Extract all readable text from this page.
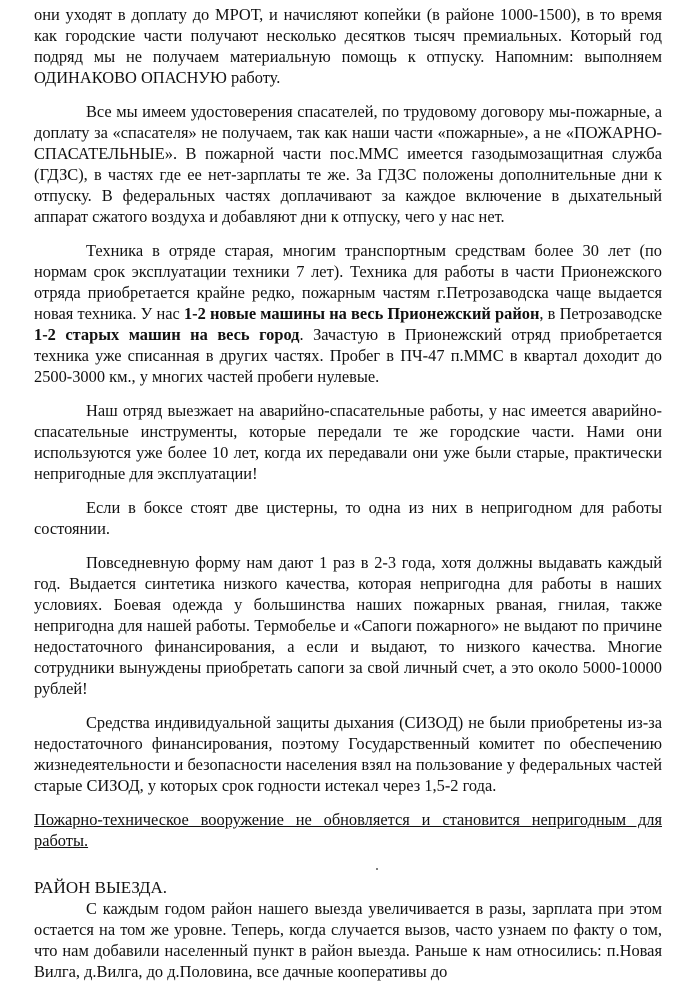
они уходят в доплату до МРОТ, и начисляют копейки (в районе 1000-1500), в то время как городские части получают несколько десятков тысяч премиальных. Который год подряд мы не получаем материальную помощь к отпуску. Напомним: выполняем ОДИНАКОВО ОПАСНУЮ работу.

Все мы имеем удостоверения спасателей, по трудовому договору мы-пожарные, а доплату за «спасателя» не получаем, так как наши части «пожарные», а не «ПОЖАРНО-СПАСАТЕЛЬНЫЕ». В пожарной части пос.ММС имеется газодымозащитная служба (ГДЗС), в частях где ее нет-зарплаты те же. За ГДЗС положены дополнительные дни к отпуску. В федеральных частях доплачивают за каждое включение в дыхательный аппарат сжатого воздуха и добавляют дни к отпуску, чего у нас нет.

Техника в отряде старая, многим транспортным средствам более 30 лет (по нормам срок эксплуатации техники 7 лет). Техника для работы в части Прионежского отряда приобретается крайне редко, пожарным частям г.Петрозаводска чаще выдается новая техника. У нас 1-2 новые машины на весь Прионежский район, в Петрозаводске 1-2 старых машин на весь город. Зачастую в Прионежский отряд приобретается техника уже списанная в других частях. Пробег в ПЧ-47 п.ММС в квартал доходит до 2500-3000 км., у многих частей пробеги нулевые.

Наш отряд выезжает на аварийно-спасательные работы, у нас имеется аварийно-спасательные инструменты, которые передали те же городские части. Нами они используются уже более 10 лет, когда их передавали они уже были старые, практически непригодные для эксплуатации!

Если в боксе стоят две цистерны, то одна из них в непригодном для работы состоянии.

Повседневную форму нам дают 1 раз в 2-3 года, хотя должны выдавать каждый год. Выдается синтетика низкого качества, которая непригодна для работы в наших условиях. Боевая одежда у большинства наших пожарных рваная, гнилая, также непригодна для нашей работы. Термобелье и «Сапоги пожарного» не выдают по причине недостаточного финансирования, а если и выдают, то низкого качества. Многие сотрудники вынуждены приобретать сапоги за свой личный счет, а это около 5000-10000 рублей!

Средства индивидуальной защиты дыхания (СИЗОД) не были приобретены из-за недостаточного финансирования, поэтому Государственный комитет по обеспечению жизнедеятельности и безопасности населения взял на пользование у федеральных частей старые СИЗОД, у которых срок годности истекал через 1,5-2 года.

Пожарно-техническое вооружение не обновляется и становится непригодным для работы.

РАЙОН ВЫЕЗДА.

С каждым годом район нашего выезда увеличивается в разы, зарплата при этом остается на том же уровне. Теперь, когда случается вызов, часто узнаем по факту о том, что нам добавили населенный пункт в район выезда. Раньше к нам относились: п.Новая Вилга, д.Вилга, до д.Половина, все дачные кооперативы до
